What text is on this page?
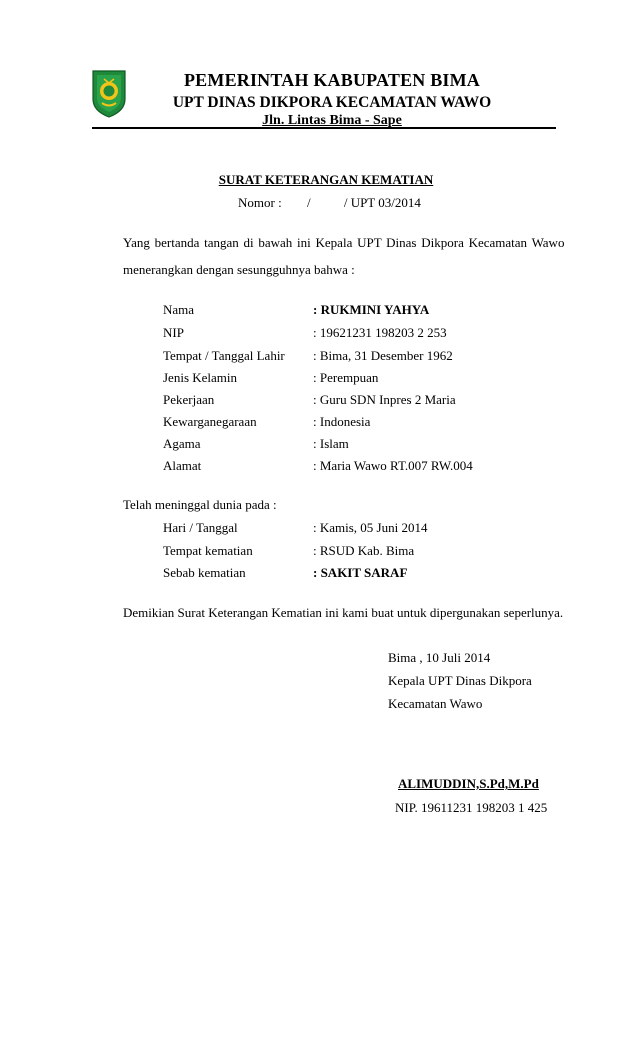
PEMERINTAH KABUPATEN BIMA
UPT DINAS DIKPORA KECAMATAN WAWO
Jln. Lintas Bima - Sape
SURAT KETERANGAN KEMATIAN
Nomor : /	/ UPT 03/2014
Yang bertanda tangan di bawah ini Kepala UPT Dinas Dikpora Kecamatan Wawo
menerangkan dengan sesungguhnya bahwa :
Nama	: RUKMINI YAHYA
NIP	: 19621231 198203 2 253
Tempat / Tanggal Lahir : Bima, 31 Desember 1962
Jenis Kelamin	: Perempuan
Pekerjaan	: Guru SDN Inpres 2 Maria
Kewarganegaraan	: Indonesia
Agama	: Islam
Alamat	: Maria Wawo RT.007 RW.004
Telah meninggal dunia pada :
Hari / Tanggal	: Kamis, 05 Juni 2014
Tempat kematian	: RSUD Kab. Bima
Sebab kematian	: SAKIT SARAF
Demikian Surat Keterangan Kematian ini kami buat untuk dipergunakan seperlunya.
Bima , 10 Juli 2014
Kepala UPT Dinas Dikpora
Kecamatan Wawo
ALIMUDDIN,S.Pd,M.Pd
NIP. 19611231 198203 1 425
